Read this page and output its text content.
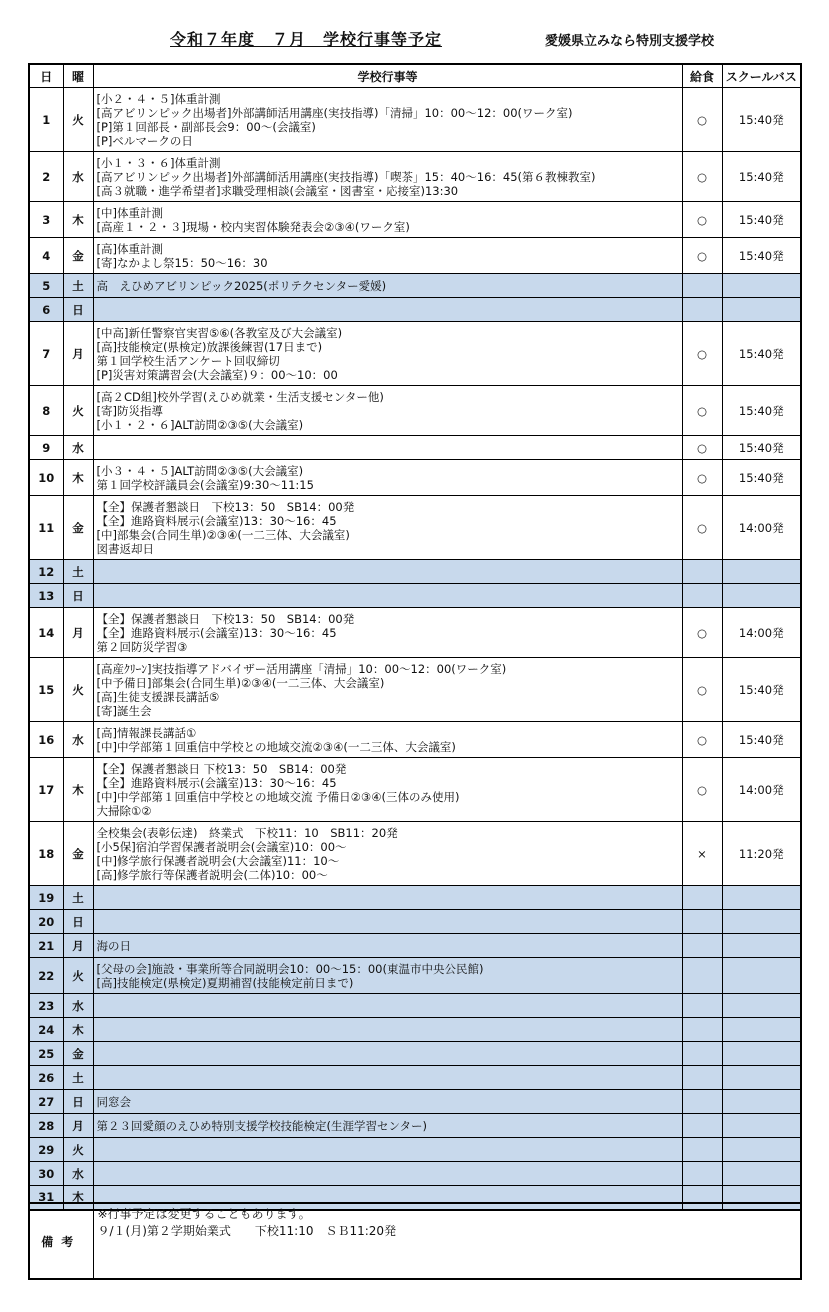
令和７年度　７月　学校行事等予定	愛媛県立みなら特別支援学校
日	曜	学校行事等	給食	スクールバス
1	火	[小２・４・５]体重計測
[高アビリンピック出場者]外部講師活用講座(実技指導)「清掃」10：00～12：00(ワーク室)
[P]第１回部長・副部長会9：00～(会議室)
[P]ベルマークの日	○	15:40発
2	水	[小１・３・６]体重計測
[高アビリンピック出場者]外部講師活用講座(実技指導)「喫茶」15：40～16：45(第６教棟教室)
[高３就職・進学希望者]求職受理相談(会議室・図書室・応接室)13:30	○	15:40発
3	木	[中]体重計測
[高産１・２・３]現場・校内実習体験発表会②③④(ワーク室)	○	15:40発
4	金	[高]体重計測
[寄]なかよし祭15：50～16：30	○	15:40発
5	土	高　えひめアビリンピック2025(ポリテクセンター愛媛)		

6	日			
7	月	[中高]新任警察官実習⑤⑥(各教室及び大会議室)
[高]技能検定(県検定)放課後練習(17日まで)
第１回学校生活アンケート回収締切
[P]災害対策講習会(大会議室)９：00～10：00	○	15:40発
8	火	[高２CD組]校外学習(えひめ就業・生活支援センター他)
[寄]防災指導
[小１・２・６]ALT訪問②③⑤(大会議室)	○	15:40発
9	水		○	15:40発
10	木	[小３・４・５]ALT訪問②③⑤(大会議室)
第１回学校評議員会(会議室)9:30～11:15	○	15:40発
11	金	【全】保護者懇談日　下校13：50　SB14：00発
【全】進路資料展示(会議室)13：30～16：45
[中]部集会(合同生単)②③④(一二三体、大会議室)
図書返却日	○	14:00発
12	土			
13	日			
14	月	【全】保護者懇談日　下校13：50　SB14：00発
【全】進路資料展示(会議室)13：30～16：45
第２回防災学習③	○	14:00発
15	火	[高産ｸﾘｰﾝ]実技指導アドバイザー活用講座「清掃」10：00～12：00(ワーク室)
[中予備日]部集会(合同生単)②③④(一二三体、大会議室)
[高]生徒支援課長講話⑤
[寄]誕生会	○	15:40発
16	水	[高]情報課長講話①
[中]中学部第１回重信中学校との地域交流②③④(一二三体、大会議室)	○	15:40発
17	木	【全】保護者懇談日 下校13：50　SB14：00発
【全】進路資料展示(会議室)13：30～16：45
[中]中学部第１回重信中学校との地域交流 予備日②③④(三体のみ使用)
大掃除①②	○	14:00発
18	金	全校集会(表彰伝達)　終業式　下校11：10　SB11：20発
[小5保]宿泊学習保護者説明会(会議室)10：00～
[中]修学旅行保護者説明会(大会議室)11：10～
[高]修学旅行等保護者説明会(二体)10：00～	×	11:20発
19	土			
20	日			
21	月	海の日		

22	火	[父母の会]施設・事業所等合同説明会10：00～15：00(東温市中央公民館)
[高]技能検定(県検定)夏期補習(技能検定前日まで)		

23	水			
24	木			
25	金			
26	土			
27	日	同窓会		

28	月	第２３回愛顔のえひめ特別支援学校技能検定(生涯学習センター)		

29	火			
30	水			
31	木			
備考	
※行事予定は変更することもあります。
９/１(月)第２学期始業式　　下校11:10　ＳＢ11:20発
